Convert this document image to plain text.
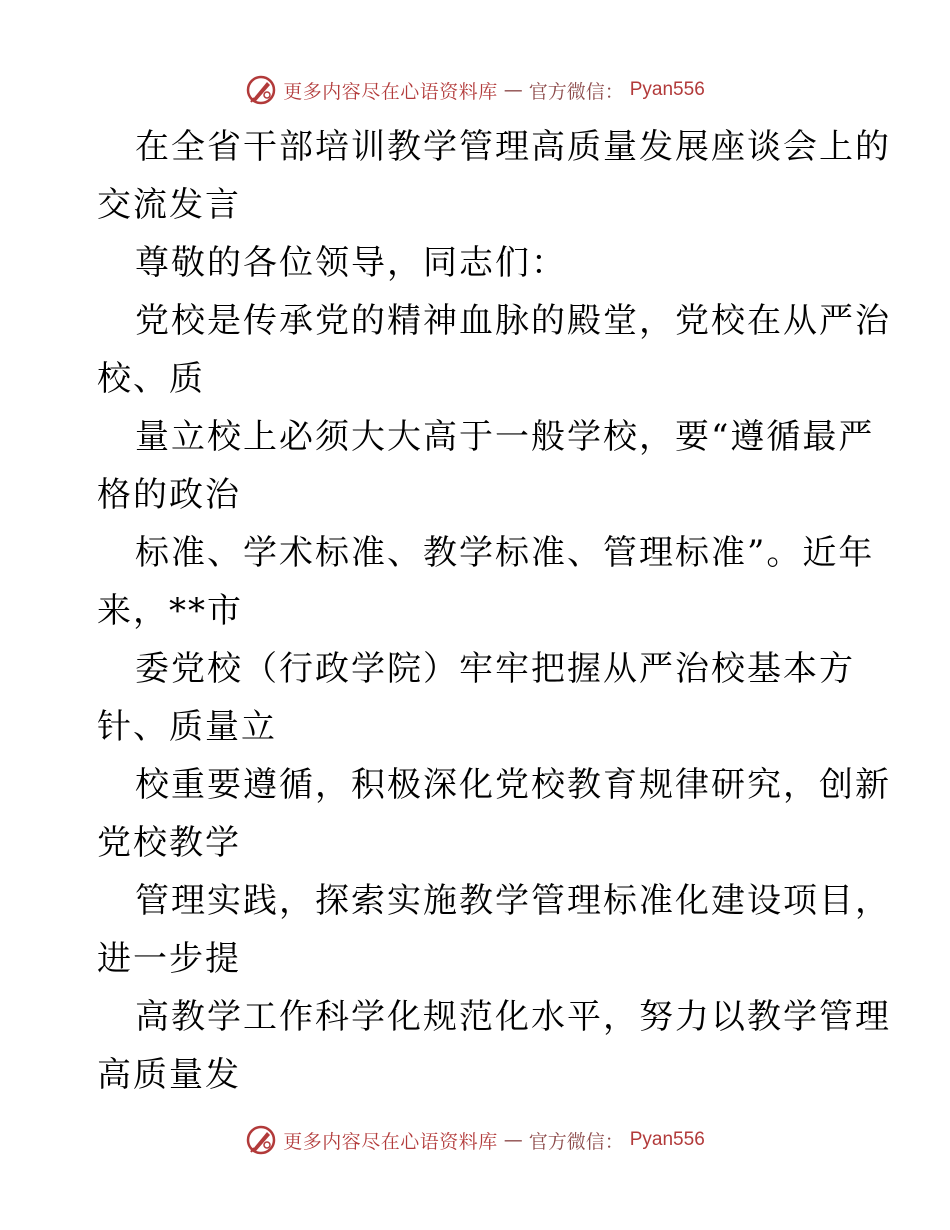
更多内容尽在心语资料库 — 官方微信： Pyan556
在全省干部培训教学管理高质量发展座谈会上的
交流发言
尊敬的各位领导，同志们：
党校是传承党的精神血脉的殿堂，党校在从严治
校、质
量立校上必须大大高于一般学校，要“遵循最严
格的政治
标准、学术标准、教学标准、管理标准”。近年
来，**市
委党校（行政学院）牢牢把握从严治校基本方
针、质量立
校重要遵循，积极深化党校教育规律研究，创新
党校教学
管理实践，探索实施教学管理标准化建设项目，
进一步提
高教学工作科学化规范化水平，努力以教学管理
高质量发
更多内容尽在心语资料库 — 官方微信： Pyan556
